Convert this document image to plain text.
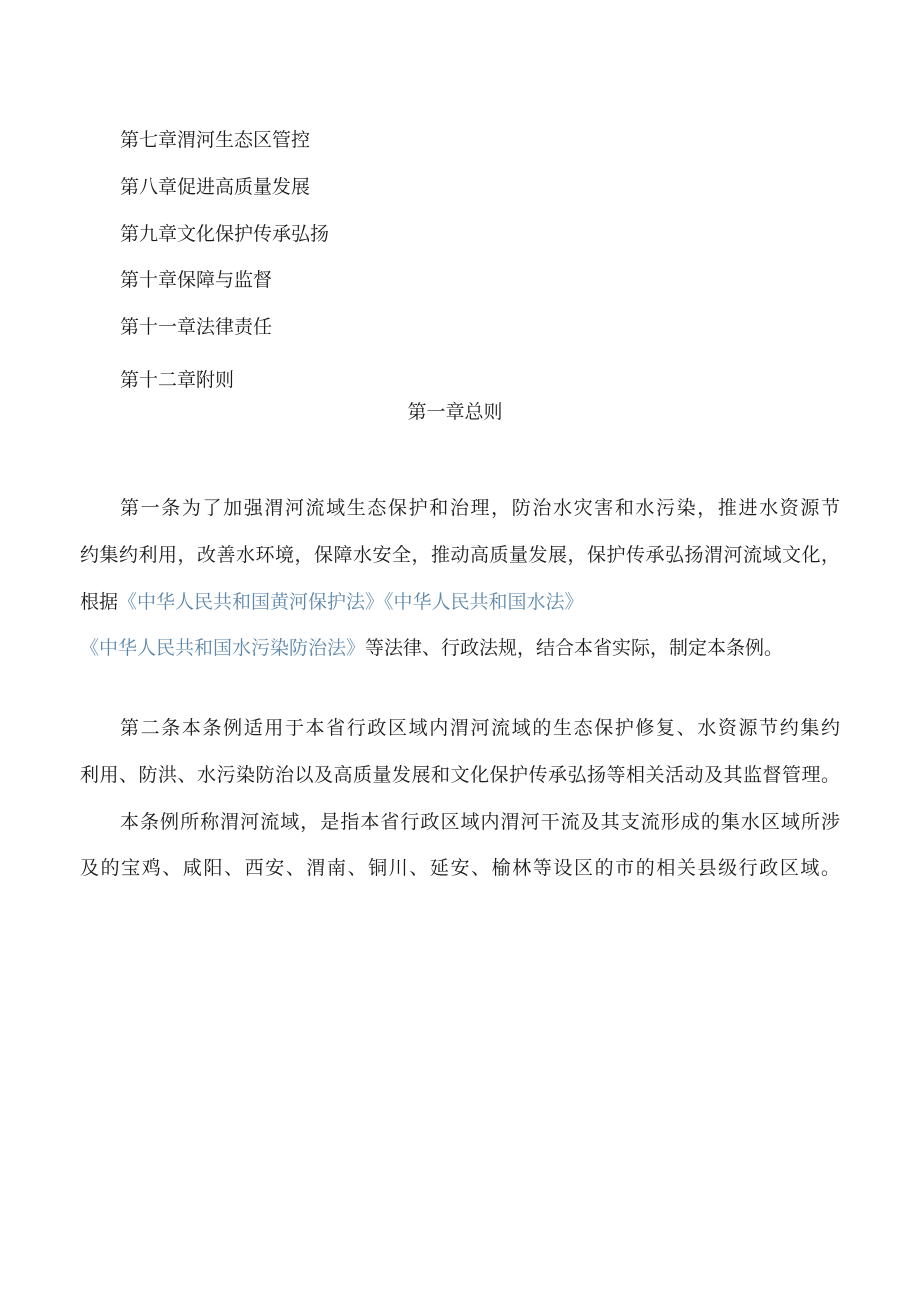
第七章渭河生态区管控
第八章促进高质量发展
第九章文化保护传承弘扬
第十章保障与监督
第十一章法律责任
第十二章附则
第一章总则
第一条为了加强渭河流域生态保护和治理，防治水灾害和水污染，推进水资源节
约集约利用，改善水环境，保障水安全，推动高质量发展，保护传承弘扬渭河流域文化，
根据《中华人民共和国黄河保护法》《中华人民共和国水法》
《中华人民共和国水污染防治法》等法律、行政法规，结合本省实际，制定本条例。
第二条本条例适用于本省行政区域内渭河流域的生态保护修复、水资源节约集约
利用、防洪、水污染防治以及高质量发展和文化保护传承弘扬等相关活动及其监督管理。
本条例所称渭河流域，是指本省行政区域内渭河干流及其支流形成的集水区域所涉
及的宝鸡、咸阳、西安、渭南、铜川、延安、榆林等设区的市的相关县级行政区域。
